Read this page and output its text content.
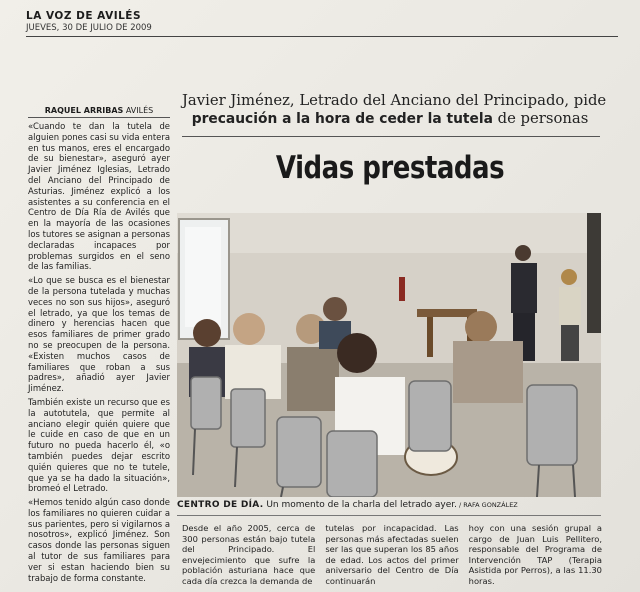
LA VOZ DE AVILÉS
JUEVES, 30 DE JULIO DE 2009
RAQUEL ARRIBAS AVILÉS

«Cuando te dan la tutela de alguien pones casi su vida entera en tus manos, eres el encargado de su bienestar», aseguró ayer Javier Jiménez Iglesias, Letrado del Anciano del Principado de Asturias. Jiménez explicó a los asistentes a su conferencia en el Centro de Día Ría de Avilés que en la mayoría de las ocasiones los tutores se asignan a personas declaradas incapaces por problemas surgidos en el seno de las familias.

«Lo que se busca es el bienestar de la persona tutelada y muchas veces no son sus hijos», aseguró el letrado, ya que los temas de dinero y herencias hacen que esos familiares de primer grado no se preocupen de la persona. «Existen muchos casos de familiares que roban a sus padres», añadió ayer Javier Jiménez.

También existe un recurso que es la autotutela, que permite al anciano elegir quién quiere que le cuide en caso de que en un futuro no pueda hacerlo él, «o también puedes dejar escrito quién quieres que no te tutele, que ya se ha dado la situación», bromeó el Letrado.

«Hemos tenido algún caso donde los familiares no quieren cuidar a sus parientes, pero si vigilarnos a nosotros», explicó Jiménez. Son casos donde las personas siguen al tutor de sus familiares para ver si estan haciendo bien su trabajo de forma constante.

Javier Jiménez, Letrado del Anciano del Principado, pide
precaución a la hora de ceder la tutela de personas
Vidas prestadas
CENTRO DE DÍA. Un momento de la charla del letrado ayer. / RAFA GONZÁLEZ

Desde el año 2005, cerca de 300 personas están bajo tutela del Principado. El envejecimiento que sufre la población asturiana hace que cada día crezca la demanda de

tutelas por incapacidad. Las personas más afectadas suelen ser las que superan los 85 años de edad. Los actos del primer aniversario del Centro de Día continuarán

hoy con una sesión grupal a cargo de Juan Luis Pellitero, responsable del Programa de Intervención TAP (Terapia Asistida por Perros), a las 11.30 horas.
